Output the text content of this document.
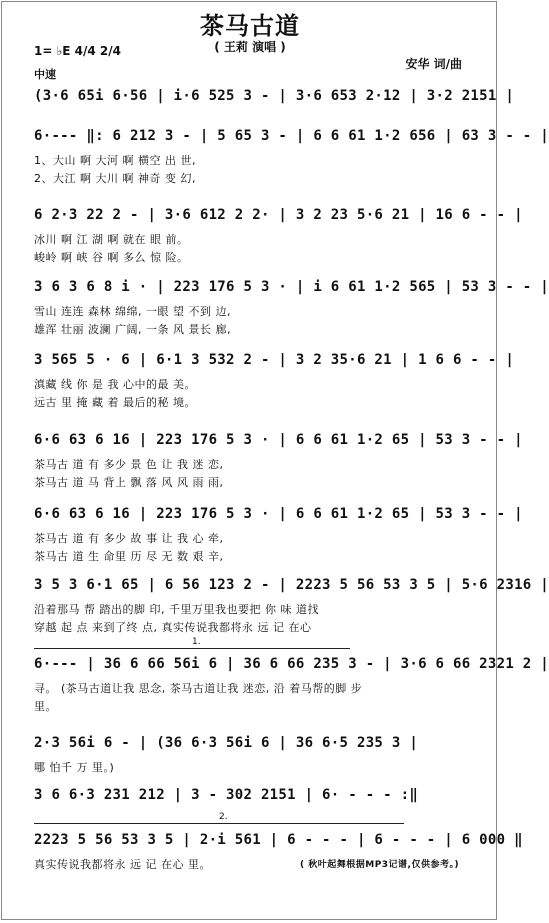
茶马古道
( 王莉 演唱 )
1= ♭E 4/4 2/4
中速
安华 词/曲
(3·6 65i 6·56 | i·6 525 3 - | 3·6 653 2·12 | 3·2 2151 |
6·--- ‖: 6 212 3 - | 5 65 3 - | 6 6 61 1·2 656 | 63 3 - - |
1、大山 啊 大河 啊 横空 出 世,
2、大江 啊 大川 啊 神奇 变 幻,
6 2·3 22 2 - | 3·6 612 2 2· | 3 2 23 5·6 21 | 16 6 - - |
冰川 啊 江 湖 啊 就在 眼 前。
峻岭 啊 峡 谷 啊 多么 惊 险。
3 6 3 6 8 i · | 223 176 5 3 · | i 6 61 1·2 565 | 53 3 - - |
雪山 连连 森林 绵绵, 一眼 望 不到 边,
雄浑 壮丽 波澜 广阔, 一条 风 景长 廊,
3 565 5 · 6 | 6·1 3 532 2 - | 3 2 35·6 21 | 1 6 6 - - |
滇藏 线 你 是 我 心中的最 美。
远古 里 掩 藏 着 最后的秘 境。
6·6 63 6 16 | 223 176 5 3 · | 6 6 61 1·2 65 | 53 3 - - |
茶马古 道 有 多少 景 色 让 我 迷 恋,
茶马古 道 马 背上 飘 落 风 风 雨 雨,
6·6 63 6 16 | 223 176 5 3 · | 6 6 61 1·2 65 | 53 3 - - |
茶马古 道 有 多少 故 事 让 我 心 牵,
茶马古 道 生 命里 历 尽 无 数 艰 辛,
3 5 3 6·1 65 | 6 56 123 2 - | 2223 5 56 53 3 5 | 5·6 2316 |
沿着那马 帮 踏出的脚 印, 千里万里我也要把 你 味 道找
穿越 起 点 来到了终 点, 真实传说我都将永 远 记 在心
1.
6·--- | 36 6 66 56i 6 | 36 6 66 235 3 - | 3·6 6 66 2321 2 |
寻。 (茶马古道让我 思念, 茶马古道让我 迷恋, 沿 着马帮的脚 步
里。
2·3 56i 6 - | (36 6·3 56i 6 | 36 6·5 235 3 |
哪 怕千 万 里。)
3 6 6·3 231 212 | 3 - 302 2151 | 6· - - - :‖
2.
2223 5 56 53 3 5 | 2·i 561 | 6 - - - | 6 - - - | 6 000 ‖
真实传说我都将永 远 记 在心 里。	( 秋叶起舞根据MP3记谱,仅供参考。)
